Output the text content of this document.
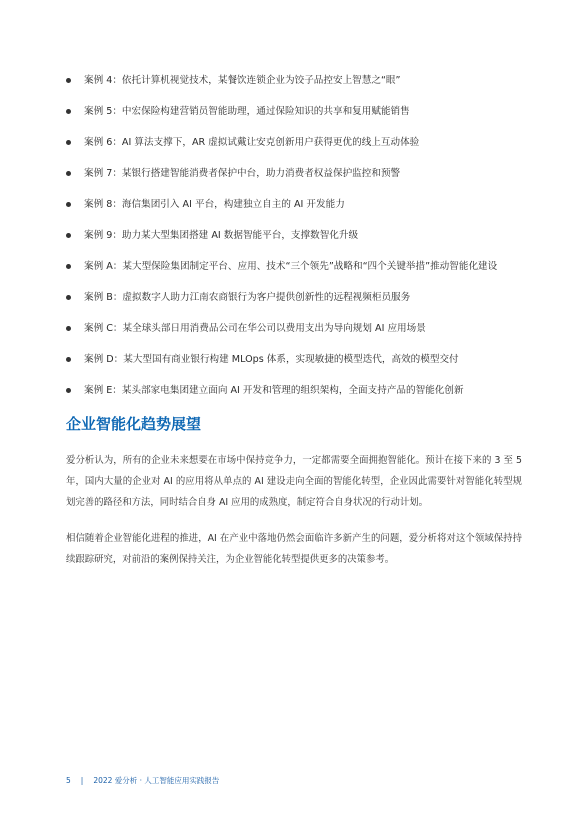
案例 4：依托计算机视觉技术，某餐饮连锁企业为饺子品控安上智慧之“眼”
案例 5：中宏保险构建营销员智能助理，通过保险知识的共享和复用赋能销售
案例 6：AI 算法支撑下，AR 虚拟试戴让安克创新用户获得更优的线上互动体验
案例 7：某银行搭建智能消费者保护中台，助力消费者权益保护监控和预警
案例 8：海信集团引入 AI 平台，构建独立自主的 AI 开发能力
案例 9：助力某大型集团搭建 AI 数据智能平台，支撑数智化升级
案例 A：某大型保险集团制定平台、应用、技术“三个领先”战略和“四个关键举措”推动智能化建设
案例 B：虚拟数字人助力江南农商银行为客户提供创新性的远程视频柜员服务
案例 C：某全球头部日用消费品公司在华公司以费用支出为导向规划 AI 应用场景
案例 D：某大型国有商业银行构建 MLOps 体系，实现敏捷的模型迭代，高效的模型交付
案例 E：某头部家电集团建立面向 AI 开发和管理的组织架构，全面支持产品的智能化创新
企业智能化趋势展望

爱分析认为，所有的企业未来想要在市场中保持竞争力，一定都需要全面拥抱智能化。预计在接下来的 3 至 5 年，国内大量的企业对 AI 的应用将从单点的 AI 建设走向全面的智能化转型，企业因此需要针对智能化转型规划完善的路径和方法，同时结合自身 AI 应用的成熟度，制定符合自身状况的行动计划。

相信随着企业智能化进程的推进，AI 在产业中落地仍然会面临许多新产生的问题，爱分析将对这个领域保持持续跟踪研究，对前沿的案例保持关注，为企业智能化转型提供更多的决策参考。

5 | 2022 爱分析 · 人工智能应用实践报告
